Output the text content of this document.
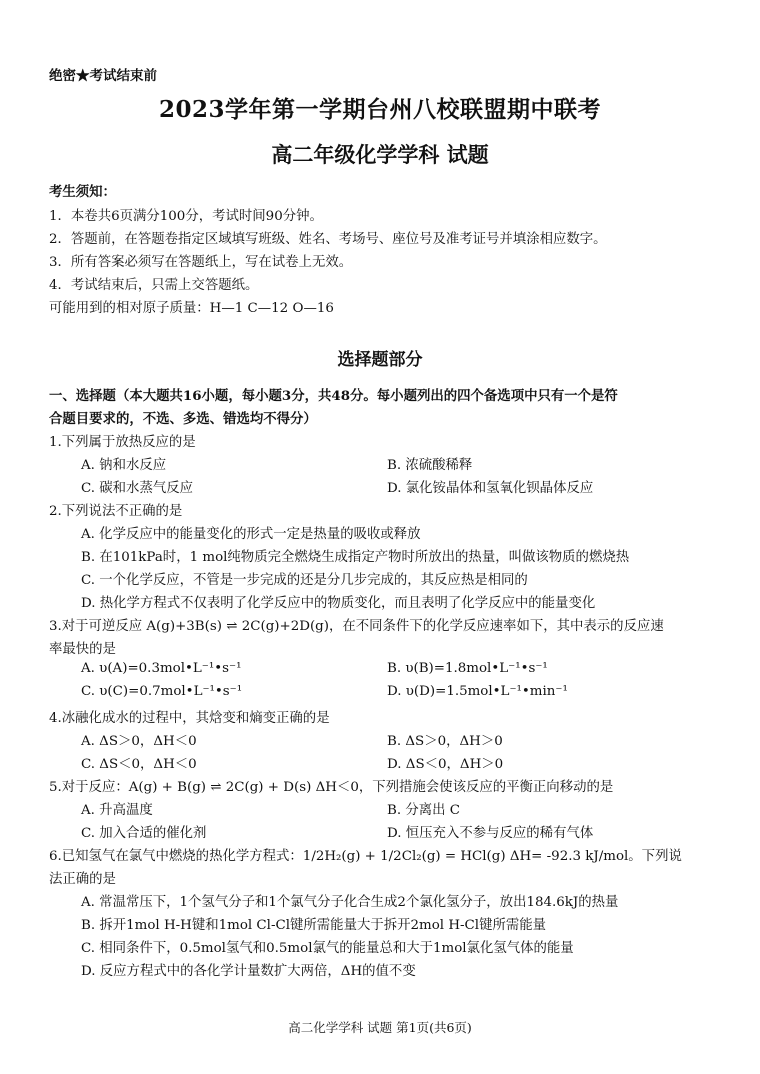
绝密★考试结束前
2023学年第一学期台州八校联盟期中联考
高二年级化学学科 试题
考生须知：
1．本卷共6页满分100分，考试时间90分钟。
2．答题前，在答题卷指定区域填写班级、姓名、考场号、座位号及准考证号并填涂相应数字。
3．所有答案必须写在答题纸上，写在试卷上无效。
4．考试结束后，只需上交答题纸。
可能用到的相对原子质量：H—1 C—12 O—16
选择题部分
一、选择题（本大题共16小题，每小题3分，共48分。每小题列出的四个备选项中只有一个是符
合题目要求的，不选、多选、错选均不得分）
1.下列属于放热反应的是
A. 钠和水反应	B. 浓硫酸稀释
C. 碳和水蒸气反应	D. 氯化铵晶体和氢氧化钡晶体反应
2.下列说法不正确的是
A. 化学反应中的能量变化的形式一定是热量的吸收或释放
B. 在101kPa时，1 mol纯物质完全燃烧生成指定产物时所放出的热量，叫做该物质的燃烧热
C. 一个化学反应，不管是一步完成的还是分几步完成的，其反应热是相同的
D. 热化学方程式不仅表明了化学反应中的物质变化，而且表明了化学反应中的能量变化
3.对于可逆反应 A(g)+3B(s) ⇌ 2C(g)+2D(g)，在不同条件下的化学反应速率如下，其中表示的反应速
率最快的是
A. υ(A)=0.3mol•L⁻¹•s⁻¹	B. υ(B)=1.8mol•L⁻¹•s⁻¹
C. υ(C)=0.7mol•L⁻¹•s⁻¹	D. υ(D)=1.5mol•L⁻¹•min⁻¹
4.冰融化成水的过程中，其焓变和熵变正确的是
A. ΔS＞0，ΔH＜0	B. ΔS＞0，ΔH＞0
C. ΔS＜0，ΔH＜0	D. ΔS＜0，ΔH＞0
5.对于反应：A(g) + B(g) ⇌ 2C(g) + D(s) ΔH＜0，下列措施会使该反应的平衡正向移动的是
A. 升高温度	B. 分离出 C
C. 加入合适的催化剂	D. 恒压充入不参与反应的稀有气体
6.已知氢气在氯气中燃烧的热化学方程式：1/2H₂(g) + 1/2Cl₂(g) = HCl(g) ΔH= -92.3 kJ/mol。下列说
法正确的是
A. 常温常压下，1个氢气分子和1个氯气分子化合生成2个氯化氢分子，放出184.6kJ的热量
B. 拆开1mol H-H键和1mol Cl-Cl键所需能量大于拆开2mol H-Cl键所需能量
C. 相同条件下，0.5mol氢气和0.5mol氯气的能量总和大于1mol氯化氢气体的能量
D. 反应方程式中的各化学计量数扩大两倍，ΔH的值不变
高二化学学科 试题 第1页(共6页)
